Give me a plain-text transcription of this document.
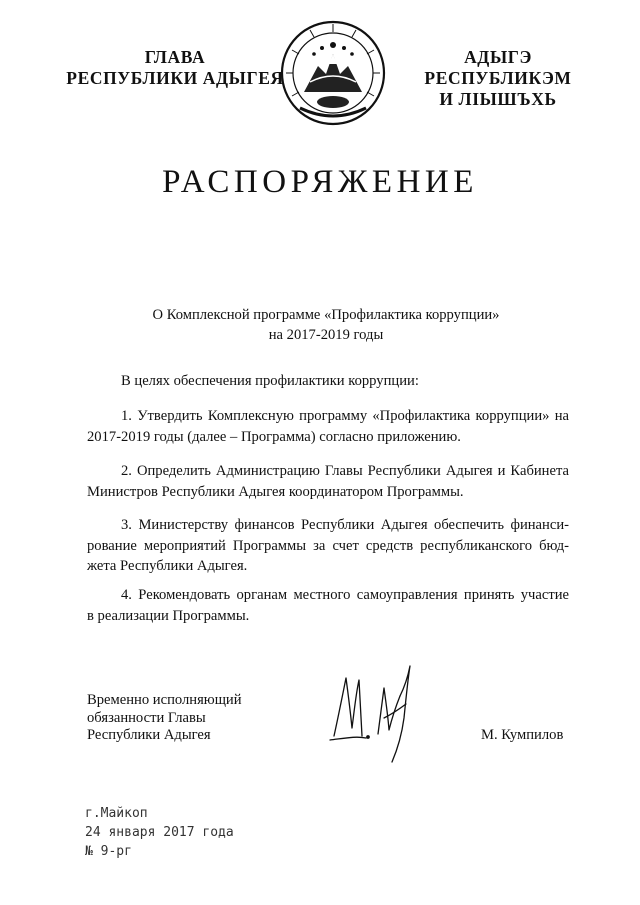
ГЛАВА
РЕСПУБЛИКИ АДЫГЕЯ
АДЫГЭ РЕСПУБЛИКЭМ
И ЛІЫШЪХЬ
РАСПОРЯЖЕНИЕ
О Комплексной программе «Профилактика коррупции»
на 2017-2019 годы
В целях обеспечения профилактики коррупции:
1. Утвердить Комплексную программу «Профилактика коррупции» на
2017-2019 годы (далее – Программа) согласно приложению.
2. Определить Администрацию Главы Республики Адыгея и Кабинета
Министров Республики Адыгея координатором Программы.
3. Министерству финансов Республики Адыгея обеспечить финанси-
рование мероприятий Программы за счет средств республиканского бюд-
жета Республики Адыгея.
4. Рекомендовать органам местного самоуправления принять участие
в реализации Программы.
Временно исполняющий
обязанности Главы
Республики Адыгея	М. Кумпилов
г.Майкоп
24 января 2017 года
№ 9-рг
